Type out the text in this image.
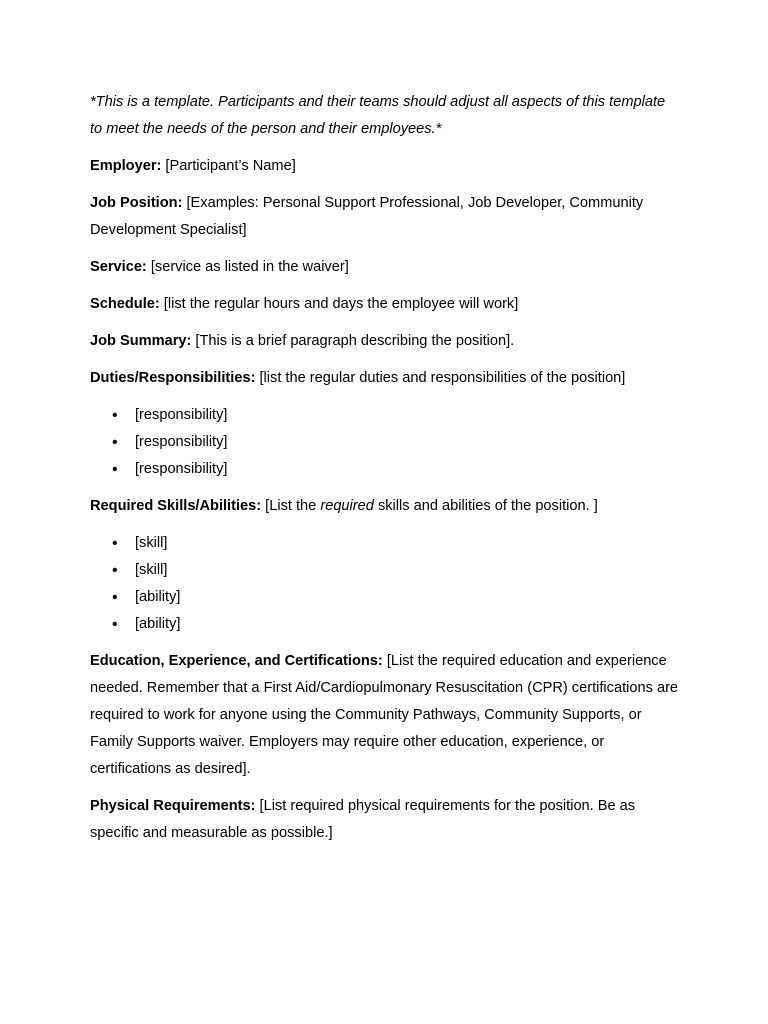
*This is a template. Participants and their teams should adjust all aspects of this template to meet the needs of the person and their employees.*

Employer: [Participant’s Name]

Job Position: [Examples: Personal Support Professional, Job Developer, Community Development Specialist]

Service: [service as listed in the waiver]

Schedule: [list the regular hours and days the employee will work]

Job Summary: [This is a brief paragraph describing the position].

Duties/Responsibilities: [list the regular duties and responsibilities of the position]

• [responsibility]
• [responsibility]
• [responsibility]

Required Skills/Abilities: [List the required skills and abilities of the position. ]

• [skill]
• [skill]
• [ability]
• [ability]

Education, Experience, and Certifications: [List the required education and experience needed. Remember that a First Aid/Cardiopulmonary Resuscitation (CPR) certifications are required to work for anyone using the Community Pathways, Community Supports, or Family Supports waiver. Employers may require other education, experience, or certifications as desired].

Physical Requirements: [List required physical requirements for the position. Be as specific and measurable as possible.]
